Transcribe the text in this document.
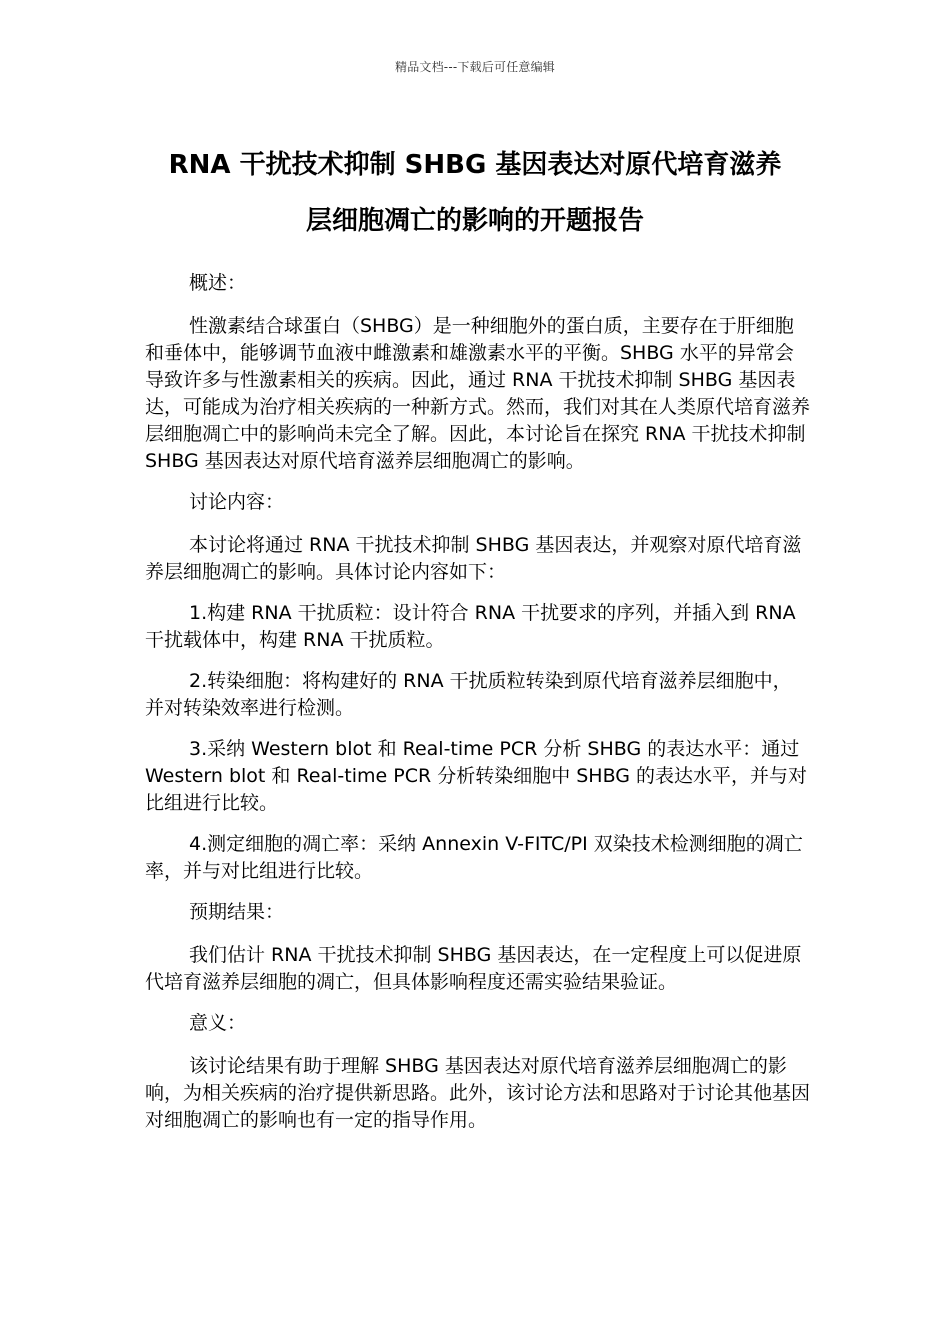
精品文档---下载后可任意编辑
RNA 干扰技术抑制 SHBG 基因表达对原代培育滋养
层细胞凋亡的影响的开题报告

概述：

性激素结合球蛋白（SHBG）是一种细胞外的蛋白质，主要存在于肝细胞和垂体中，能够调节血液中雌激素和雄激素水平的平衡。SHBG 水平的异常会导致许多与性激素相关的疾病。因此，通过 RNA 干扰技术抑制 SHBG 基因表达，可能成为治疗相关疾病的一种新方式。然而，我们对其在人类原代培育滋养层细胞凋亡中的影响尚未完全了解。因此，本讨论旨在探究 RNA 干扰技术抑制 SHBG 基因表达对原代培育滋养层细胞凋亡的影响。

讨论内容：

本讨论将通过 RNA 干扰技术抑制 SHBG 基因表达，并观察对原代培育滋养层细胞凋亡的影响。具体讨论内容如下：

1.构建 RNA 干扰质粒：设计符合 RNA 干扰要求的序列，并插入到 RNA 干扰载体中，构建 RNA 干扰质粒。

2.转染细胞：将构建好的 RNA 干扰质粒转染到原代培育滋养层细胞中，并对转染效率进行检测。

3.采纳 Western blot 和 Real-time PCR 分析 SHBG 的表达水平：通过 Western blot 和 Real-time PCR 分析转染细胞中 SHBG 的表达水平，并与对比组进行比较。

4.测定细胞的凋亡率：采纳 Annexin V-FITC/PI 双染技术检测细胞的凋亡率，并与对比组进行比较。

预期结果：

我们估计 RNA 干扰技术抑制 SHBG 基因表达，在一定程度上可以促进原代培育滋养层细胞的凋亡，但具体影响程度还需实验结果验证。

意义：

该讨论结果有助于理解 SHBG 基因表达对原代培育滋养层细胞凋亡的影响，为相关疾病的治疗提供新思路。此外，该讨论方法和思路对于讨论其他基因对细胞凋亡的影响也有一定的指导作用。
